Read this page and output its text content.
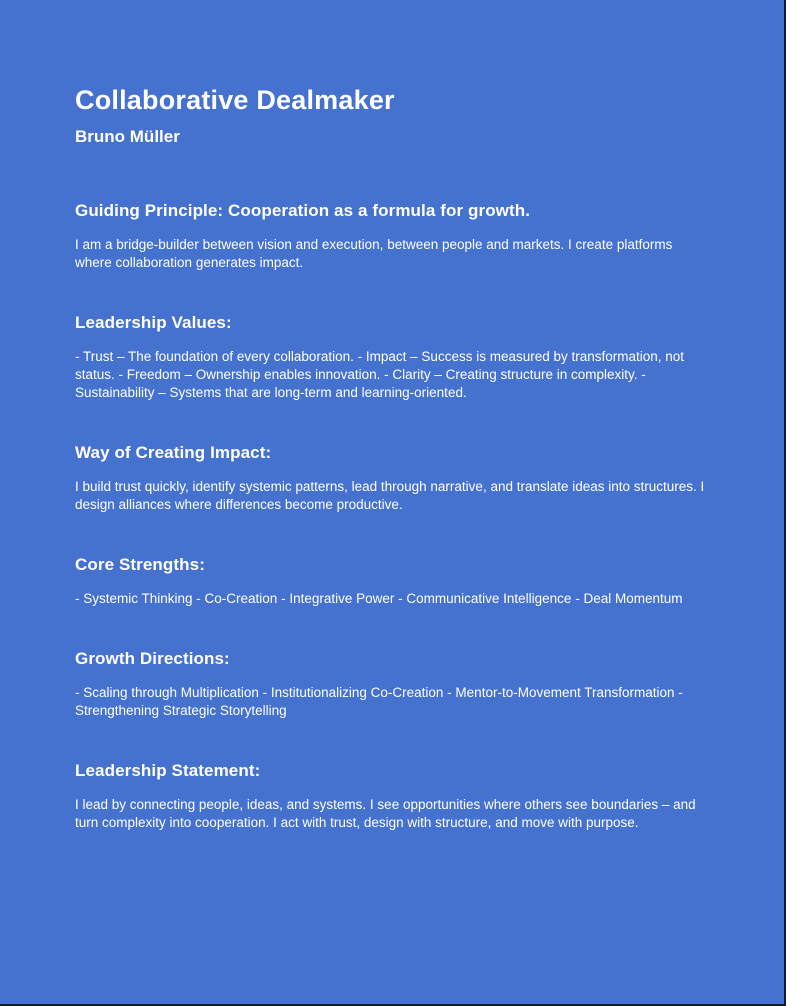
Collaborative Dealmaker
Bruno Müller
Guiding Principle: Cooperation as a formula for growth.

I am a bridge-builder between vision and execution, between people and markets. I create platforms where collaboration generates impact.

Leadership Values:

- Trust – The foundation of every collaboration. - Impact – Success is measured by transformation, not status. - Freedom – Ownership enables innovation. - Clarity – Creating structure in complexity. - Sustainability – Systems that are long-term and learning-oriented.

Way of Creating Impact:

I build trust quickly, identify systemic patterns, lead through narrative, and translate ideas into structures. I design alliances where differences become productive.

Core Strengths:

- Systemic Thinking - Co-Creation - Integrative Power - Communicative Intelligence - Deal Momentum

Growth Directions:

- Scaling through Multiplication - Institutionalizing Co-Creation - Mentor-to-Movement Transformation - Strengthening Strategic Storytelling

Leadership Statement:

I lead by connecting people, ideas, and systems. I see opportunities where others see boundaries – and turn complexity into cooperation. I act with trust, design with structure, and move with purpose.
